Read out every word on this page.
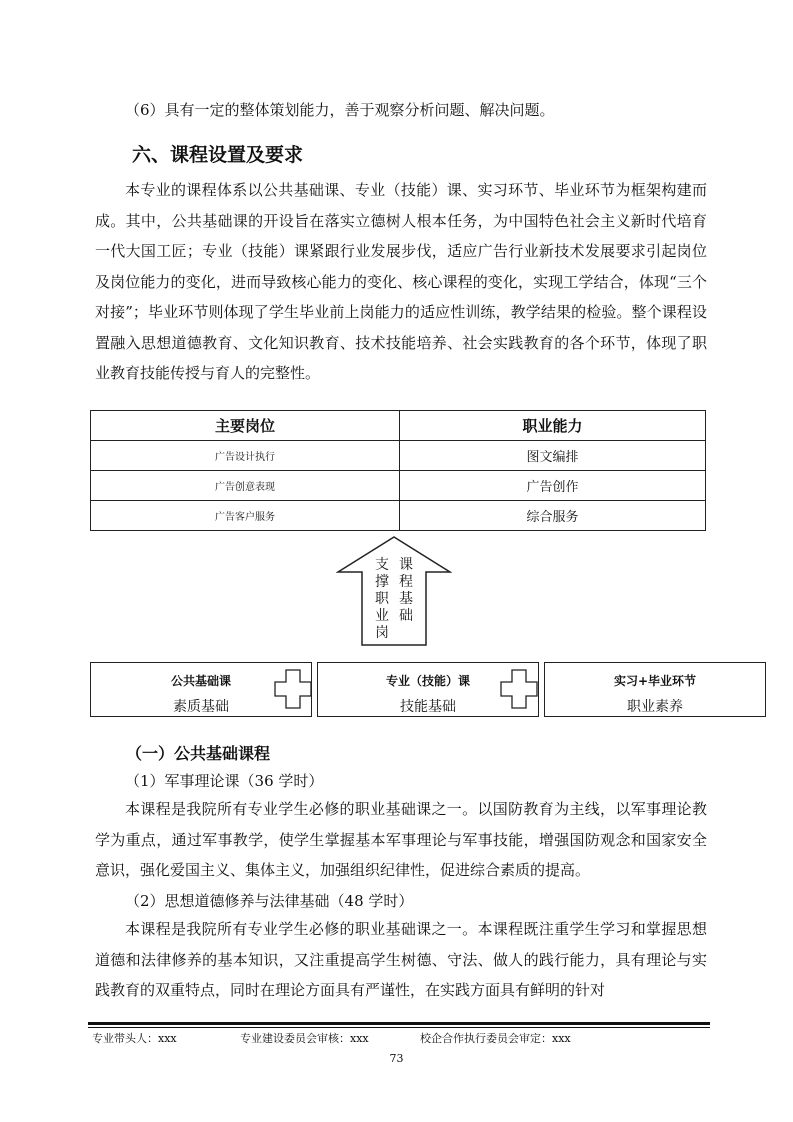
（6）具有一定的整体策划能力，善于观察分析问题、解决问题。
六、课程设置及要求

本专业的课程体系以公共基础课、专业（技能）课、实习环节、毕业环节为框架构建而成。其中，公共基础课的开设旨在落实立德树人根本任务，为中国特色社会主义新时代培育一代大国工匠；专业（技能）课紧跟行业发展步伐，适应广告行业新技术发展要求引起岗位及岗位能力的变化，进而导致核心能力的变化、核心课程的变化，实现工学结合，体现“三个对接”；毕业环节则体现了学生毕业前上岗能力的适应性训练，教学结果的检验。整个课程设置融入思想道德教育、文化知识教育、技术技能培养、社会实践教育的各个环节，体现了职业教育技能传授与育人的完整性。

主要岗位	职业能力
广告设计执行	图文编排
广告创意表现	广告创作
广告客户服务	综合服务
支撑职业岗
课程基础
公共基础课
素质基础
专业（技能）课
技能基础
实习+毕业环节
职业素养
（一）公共基础课程
（1）军事理论课（36 学时）

本课程是我院所有专业学生必修的职业基础课之一。以国防教育为主线，以军事理论教学为重点，通过军事教学，使学生掌握基本军事理论与军事技能，增强国防观念和国家安全意识，强化爱国主义、集体主义，加强组织纪律性，促进综合素质的提高。

（2）思想道德修养与法律基础（48 学时）

本课程是我院所有专业学生必修的职业基础课之一。本课程既注重学生学习和掌握思想道德和法律修养的基本知识，又注重提高学生树德、守法、做人的践行能力，具有理论与实践教育的双重特点，同时在理论方面具有严谨性，在实践方面具有鲜明的针对

专业带头人：xxx	专业建设委员会审核：xxx	校企合作执行委员会审定：xxx
73
